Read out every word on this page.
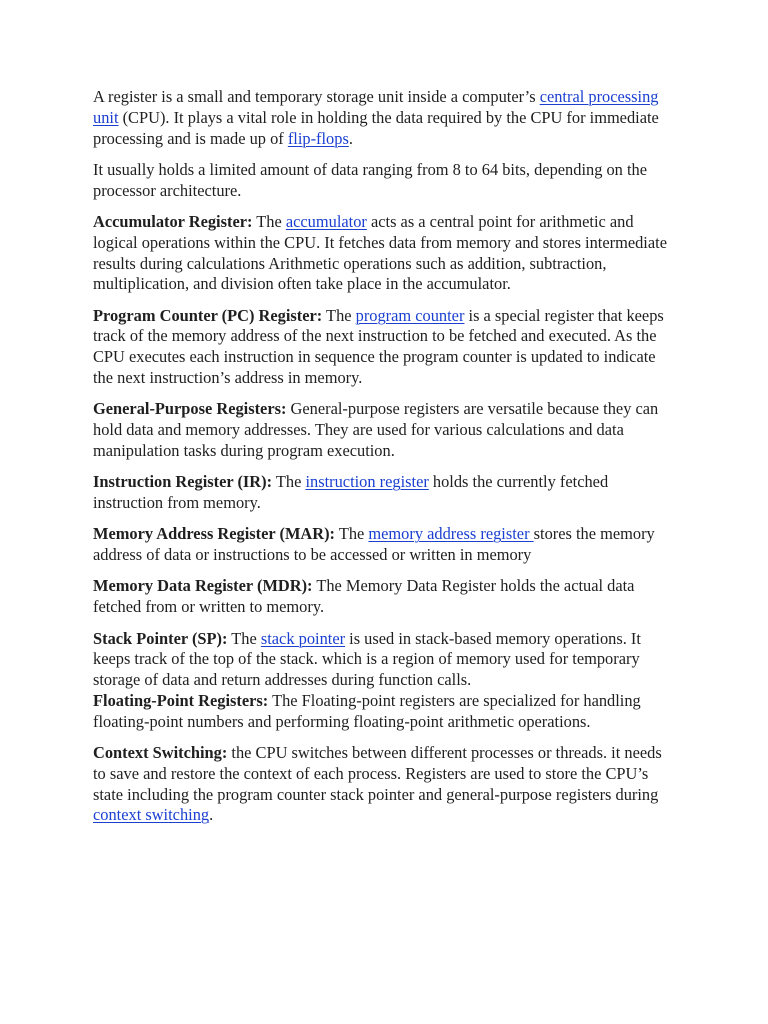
A register is a small and temporary storage unit inside a computer’s central processing unit (CPU). It plays a vital role in holding the data required by the CPU for immediate processing and is made up of flip-flops.

It usually holds a limited amount of data ranging from 8 to 64 bits, depending on the processor architecture.

Accumulator Register: The accumulator acts as a central point for arithmetic and logical operations within the CPU. It fetches data from memory and stores intermediate results during calculations Arithmetic operations such as addition, subtraction, multiplication, and division often take place in the accumulator.

Program Counter (PC) Register: The program counter is a special register that keeps track of the memory address of the next instruction to be fetched and executed. As the CPU executes each instruction in sequence the program counter is updated to indicate the next instruction’s address in memory.

General-Purpose Registers: General-purpose registers are versatile because they can hold data and memory addresses. They are used for various calculations and data manipulation tasks during program execution.

Instruction Register (IR): The instruction register holds the currently fetched instruction from memory.

Memory Address Register (MAR): The memory address register stores the memory address of data or instructions to be accessed or written in memory

Memory Data Register (MDR): The Memory Data Register holds the actual data fetched from or written to memory.

Stack Pointer (SP): The stack pointer is used in stack-based memory operations. It keeps track of the top of the stack. which is a region of memory used for temporary storage of data and return addresses during function calls.

Floating-Point Registers: The Floating-point registers are specialized for handling floating-point numbers and performing floating-point arithmetic operations.

Context Switching: the CPU switches between different processes or threads. it needs to save and restore the context of each process. Registers are used to store the CPU’s state including the program counter stack pointer and general-purpose registers during context switching.
